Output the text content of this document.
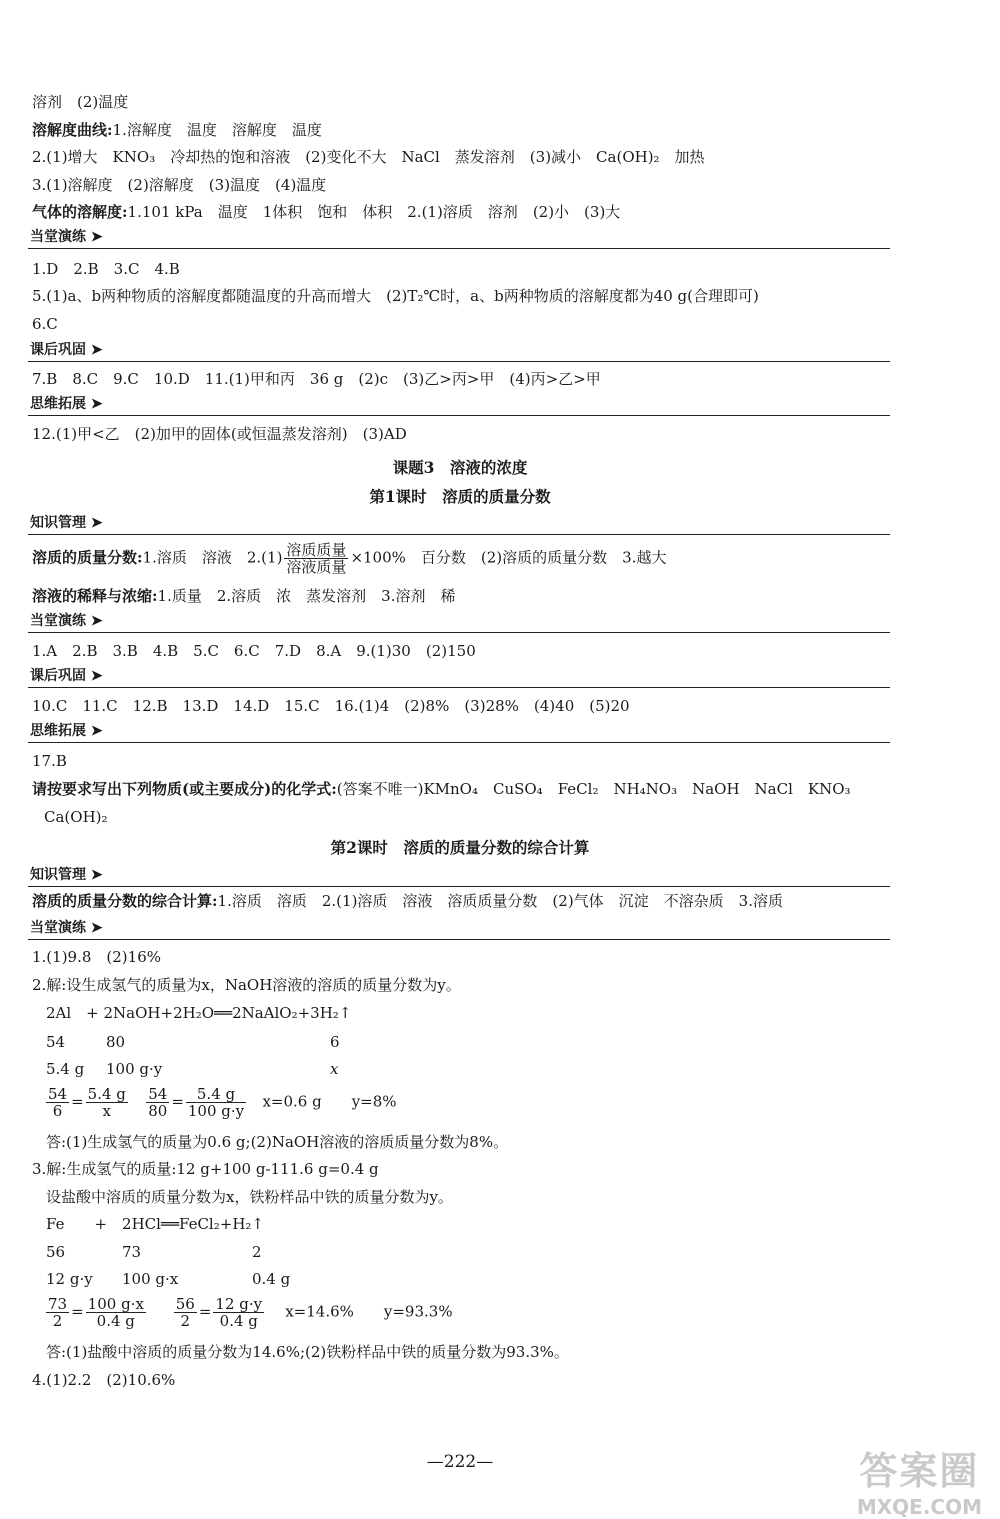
溶剂　(2)温度
溶解度曲线:1.溶解度　温度　溶解度　温度
2.(1)增大　KNO₃　冷却热的饱和溶液　(2)变化不大　NaCl　蒸发溶剂　(3)减小　Ca(OH)₂　加热
3.(1)溶解度　(2)溶解度　(3)温度　(4)温度
气体的溶解度:1.101 kPa　温度　1体积　饱和　体积　2.(1)溶质　溶剂　(2)小　(3)大
当堂演练 ➤
1.D　2.B　3.C　4.B
5.(1)a、b两种物质的溶解度都随温度的升高而增大　(2)T₂℃时，a、b两种物质的溶解度都为40 g(合理即可)
6.C
课后巩固 ➤
7.B　8.C　9.C　10.D　11.(1)甲和丙　36 g　(2)c　(3)乙>丙>甲　(4)丙>乙>甲
思维拓展 ➤
12.(1)甲<乙　(2)加甲的固体(或恒温蒸发溶剂)　(3)AD
课题3　溶液的浓度
第1课时　溶质的质量分数
知识管理 ➤
溶质的质量分数:1.溶质　溶液　$2.(1) \frac{\text{溶质质量}}{\text{溶液质量}} \times 100\%$　百分数　(2)溶质的质量分数　3.越大
溶液的稀释与浓缩:1.质量　2.溶质　浓　蒸发溶剂　3.溶剂　稀
当堂演练 ➤
1.A　2.B　3.B　4.B　5.C　6.C　7.D　8.A　9.(1)30　(2)150
课后巩固 ➤
10.C　11.C　12.B　13.D　14.D　15.C　16.(1)4　(2)8%　(3)28%　(4)40　(5)20
思维拓展 ➤
17.B
请按要求写出下列物质(或主要成分)的化学式:(答案不唯一)KMnO₄　CuSO₄　FeCl₂　NH₄NO₃　NaOH　NaCl　KNO₃
Ca(OH)₂
第2课时　溶质的质量分数的综合计算
知识管理 ➤
溶质的质量分数的综合计算:1.溶质　溶质　2.(1)溶质　溶液　溶质质量分数　(2)气体　沉淀　不溶杂质　3.溶质
当堂演练 ➤
1.(1)9.8　(2)16%
2.解:设生成氢气的质量为x，NaOH溶液的溶质的质量分数为y。
2Al　+ 2NaOH+2H₂O══2NaAlO₂+3H₂↑
54	80	6
5.4 g 100 g·y	x
$\frac{54}{6} = \frac{5.4 g}{x}$
$\frac{54}{80} = \frac{5.4 g}{100 g\cdot y} x=0.6$ g　　y=8%
答:(1)生成氢气的质量为0.6 g;(2)NaOH溶液的溶质质量分数为8%。
3.解:生成氢气的质量:12 g+100 g-111.6 g=0.4 g
设盐酸中溶质的质量分数为x，铁粉样品中铁的质量分数为y。
Fe　　+　2HCl══FeCl₂+H₂↑
56	73	2
12 g·y 100 g·x	0.4 g
$\frac{73}{2} = \frac{100 g\cdot x}{0.4 g}$
$\frac{56}{2} = \frac{12 g\cdot y}{0.4 g} x=14.6\%$　　y=93.3%
答:(1)盐酸中溶质的质量分数为14.6%;(2)铁粉样品中铁的质量分数为93.3%。
4.(1)2.2　(2)10.6%
—222—	答案圈
MXQE.COM
